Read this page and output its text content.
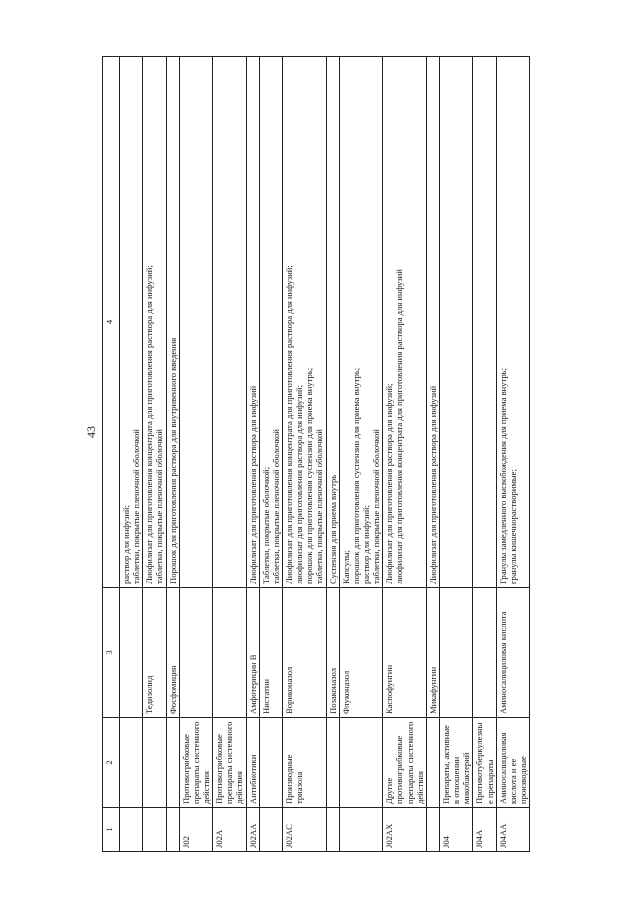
43
1	2	3	4

			раствор для инфузий; таблетки, покрытые пленочной оболочкой

		Тедизолид	Лиофилизат для приготовления концентрата для приготовления раствора для инфузий; таблетки, покрытые пленочной оболочкой

		Фосфомицин	Порошок для приготовления раствора для внутривенного введения

J02	Противогрибковые препараты системного действия		
J02A	Противогрибковые препараты системного действия		
J02AA	Антибиотики	Амфотерицин В	Лиофилизат для приготовления раствора для инфузий

		Нистатин	Таблетки, покрытые оболочкой; таблетки, покрытые пленочной оболочкой

J02AC	Производные триазола	Вориконазол	Лиофилизат для приготовления концентрата для приготовления раствора для инфузий; лиофилизат для приготовления раствора для инфузий; порошок для приготовления суспензии для приема внутрь; таблетки, покрытые пленочной оболочкой

		Позаконазол	Суспензия для приема внутрь

		Флуконазол	Капсулы; порошок для приготовления суспензии для приема внутрь; раствор для инфузий; таблетки, покрытые пленочной оболочкой

J02AX	Другие противогрибковые препараты системного действия	Каспофунгин	Лиофилизат для приготовления раствора для инфузий; лиофилизат для приготовления концентрата для приготовления раствора для инфузий

		Микафунгин	Лиофилизат для приготовления раствора для инфузий

J04	Препараты, активные в отношении микобактерий		
J04A	Противотуберкулезные препараты		
J04AA	Аминосалициловая кислота и ее производные	Аминосалициловая кислота	Гранулы замедленного высвобождения для приема внутрь; гранулы кишечнорастворимые;
